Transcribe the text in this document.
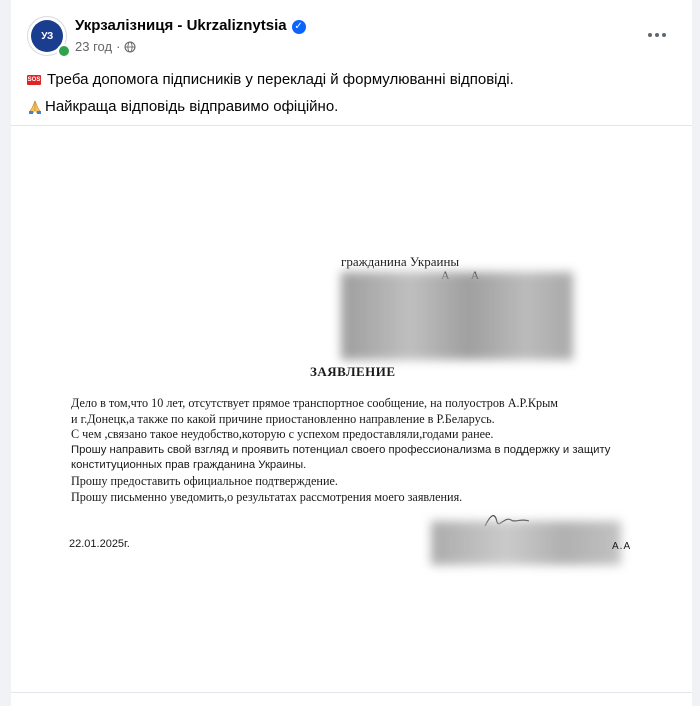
УЗ
Укрзалізниця - Ukrzaliznytsia ✓
23 год ·
SOS Треба допомога підписників у перекладі й формулюванні відповіді.
Найкраща відповідь відправимо офіційно.
гражданина Украины
ЗАЯВЛЕНИЕ
Дело в том,что 10 лет, отсутствует прямое транспортное сообщение, на полуостров А.Р.Крым
и г.Донецк,а также по какой причине приостановленно направление в Р.Беларусь.
С чем ,связано такое неудобство,которую с успехом предоставляли,годами ранее.
Прошу направить свой взгляд и проявить потенциал своего профессионализма в поддержку и защиту
конституционных прав гражданина Украины.
Прошу предоставить официальное подтверждение.
Прошу письменно уведомить,о результатах рассмотрения моего заявления.
22.01.2025г.	А.А
